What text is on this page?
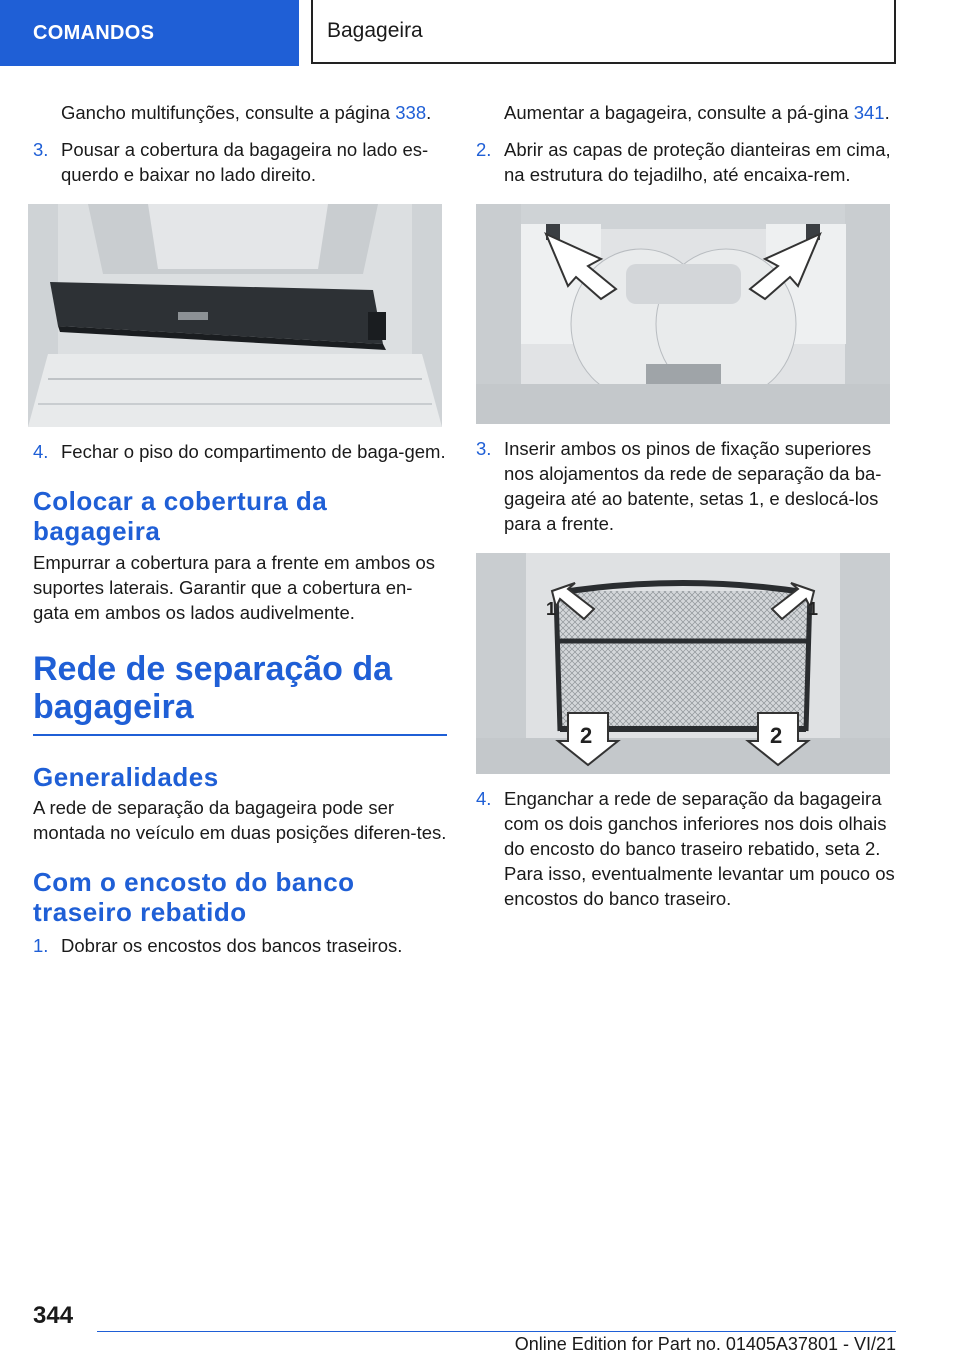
COMANDOS	Bagageira

Gancho multifunções, consulte a página 338.

3. Pousar a cobertura da bagageira no lado es-querdo e baixar no lado direito.
4. Fechar o piso do compartimento de baga-gem.
Colocar a cobertura da bagageira

Empurrar a cobertura para a frente em ambos os suportes laterais. Garantir que a cobertura en-gata em ambos os lados audivelmente.

Rede de separação da bagageira
Generalidades

A rede de separação da bagageira pode ser montada no veículo em duas posições diferen-tes.

Com o encosto do banco traseiro rebatido
1. Dobrar os encostos dos bancos traseiros.

Aumentar a bagageira, consulte a pá-gina 341.

2. Abrir as capas de proteção dianteiras em cima, na estrutura do tejadilho, até encaixa-rem.
3. Inserir ambos os pinos de fixação superiores nos alojamentos da rede de separação da ba-gageira até ao batente, setas 1, e deslocá-los para a frente.
1	1
2	2
4. Enganchar a rede de separação da bagageira com os dois ganchos inferiores nos dois olhais do encosto do banco traseiro rebatido, seta 2. Para isso, eventualmente levantar um pouco os encostos do banco traseiro.
344
Online Edition for Part no. 01405A37801 - VI/21
